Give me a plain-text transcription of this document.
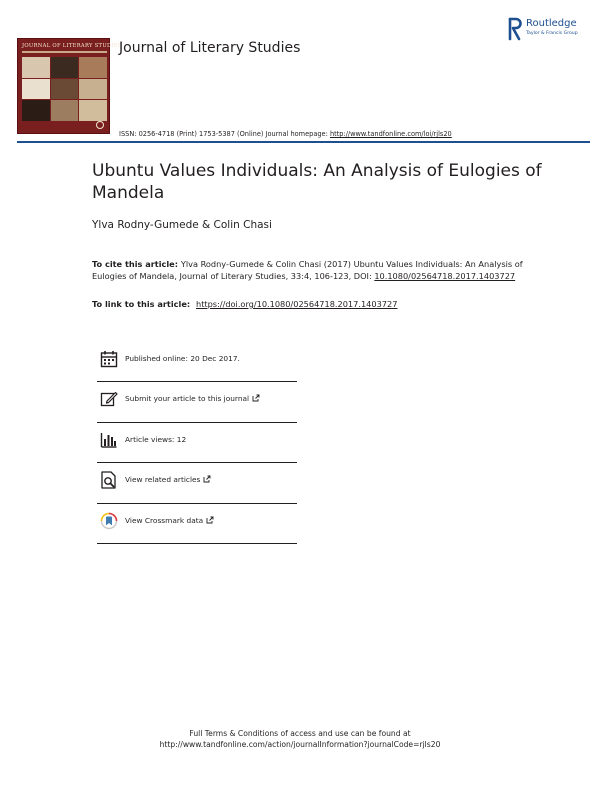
JOURNAL OF LITERARY STUDIES
Journal of Literary Studies
Routledge
Taylor & Francis Group
ISSN: 0256-4718 (Print) 1753-5387 (Online) Journal homepage: http://www.tandfonline.com/loi/rjls20
Ubuntu Values Individuals: An Analysis of Eulogies of Mandela
Ylva Rodny-Gumede & Colin Chasi
To cite this article: Ylva Rodny-Gumede & Colin Chasi (2017) Ubuntu Values Individuals: An Analysis of Eulogies of Mandela, Journal of Literary Studies, 33:4, 106-123, DOI: 10.1080/02564718.2017.1403727
To link to this article: https://doi.org/10.1080/02564718.2017.1403727
Published online: 20 Dec 2017.
Submit your article to this journal
Article views: 12
View related articles
View Crossmark data
Full Terms & Conditions of access and use can be found at
http://www.tandfonline.com/action/journalInformation?journalCode=rjls20
